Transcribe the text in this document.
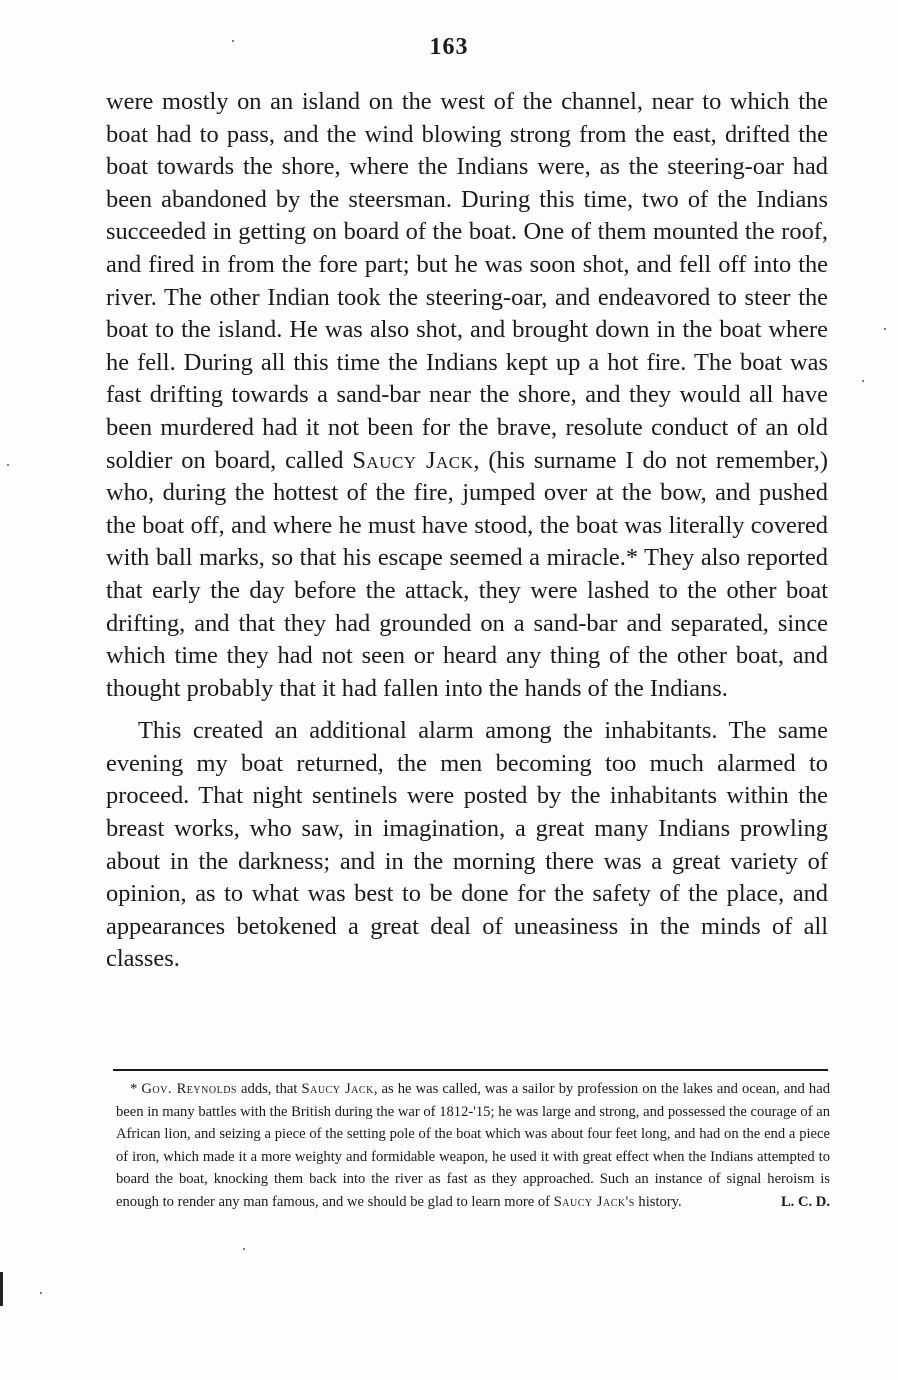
163

were mostly on an island on the west of the channel, near to which the boat had to pass, and the wind blowing strong from the east, drifted the boat towards the shore, where the Indians were, as the steering-oar had been abandoned by the steersman. During this time, two of the Indians succeeded in getting on board of the boat. One of them mounted the roof, and fired in from the fore part; but he was soon shot, and fell off into the river. The other Indian took the steering-oar, and endeavored to steer the boat to the island. He was also shot, and brought down in the boat where he fell. During all this time the Indians kept up a hot fire. The boat was fast drifting towards a sand-bar near the shore, and they would all have been murdered had it not been for the brave, resolute conduct of an old soldier on board, called Saucy Jack, (his surname I do not remember,) who, during the hottest of the fire, jumped over at the bow, and pushed the boat off, and where he must have stood, the boat was literally covered with ball marks, so that his escape seemed a miracle.* They also reported that early the day before the attack, they were lashed to the other boat drifting, and that they had grounded on a sand-bar and separated, since which time they had not seen or heard any thing of the other boat, and thought probably that it had fallen into the hands of the Indians.

This created an additional alarm among the inhabitants. The same evening my boat returned, the men becoming too much alarmed to proceed. That night sentinels were posted by the inhabitants within the breast works, who saw, in imagination, a great many Indians prowling about in the darkness; and in the morning there was a great variety of opinion, as to what was best to be done for the safety of the place, and appearances betokened a great deal of uneasiness in the minds of all classes.

* Gov. Reynolds adds, that Saucy Jack, as he was called, was a sailor by profession on the lakes and ocean, and had been in many battles with the British during the war of 1812-'15; he was large and strong, and possessed the courage of an African lion, and seizing a piece of the setting pole of the boat which was about four feet long, and had on the end a piece of iron, which made it a more weighty and formidable weapon, he used it with great effect when the Indians attempted to board the boat, knocking them back into the river as fast as they approached. Such an instance of signal heroism is enough to render any man famous, and we should be glad to learn more of Saucy Jack's history.	L. C. D.
